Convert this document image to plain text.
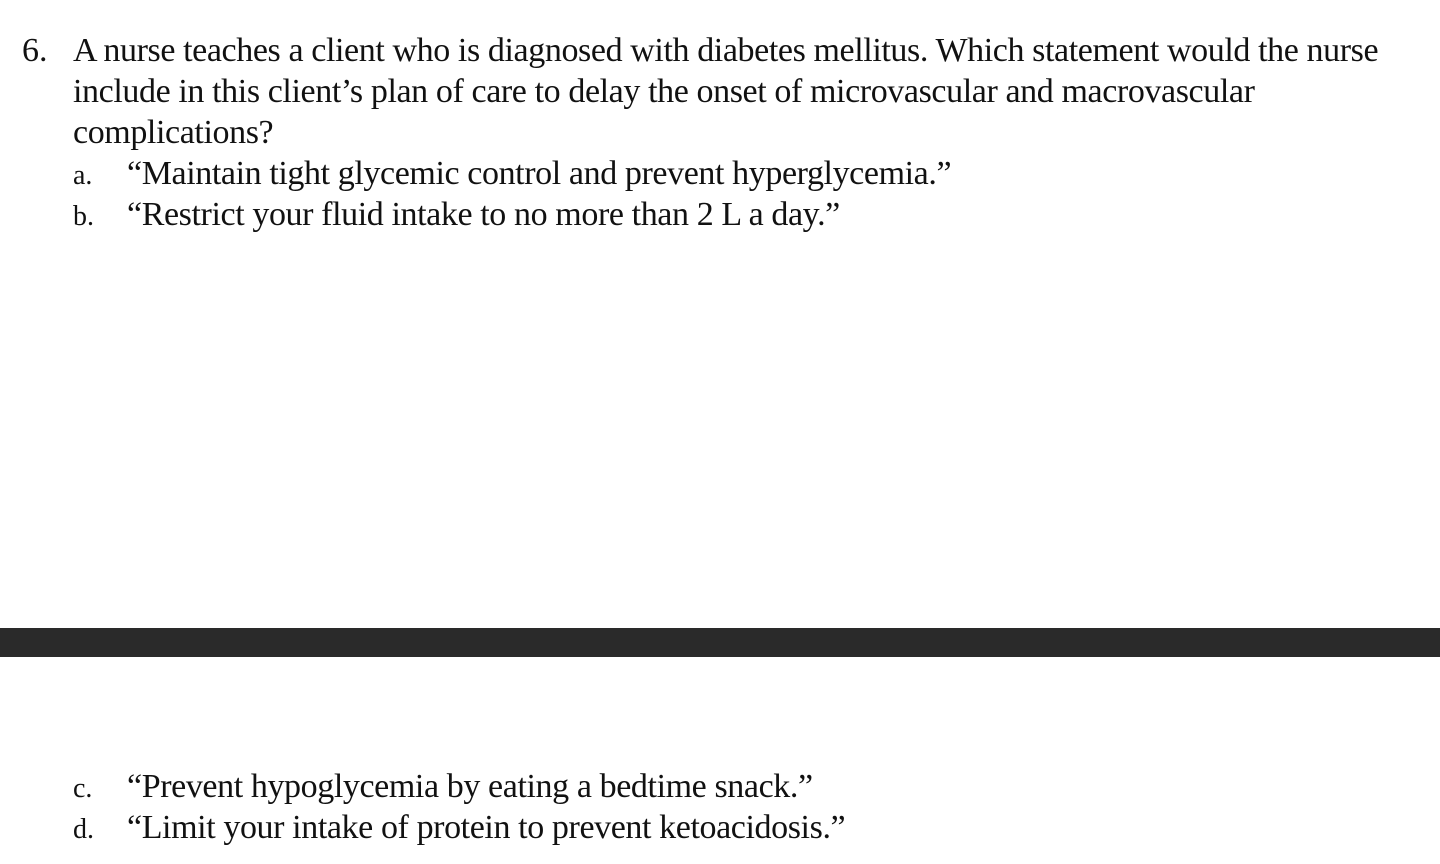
6. A nurse teaches a client who is diagnosed with diabetes mellitus. Which statement would the nurse include in this client’s plan of care to delay the onset of microvascular and macrovascular complications?
a. “Maintain tight glycemic control and prevent hyperglycemia.”
b. “Restrict your fluid intake to no more than 2 L a day.”
c. “Prevent hypoglycemia by eating a bedtime snack.”
d. “Limit your intake of protein to prevent ketoacidosis.”
